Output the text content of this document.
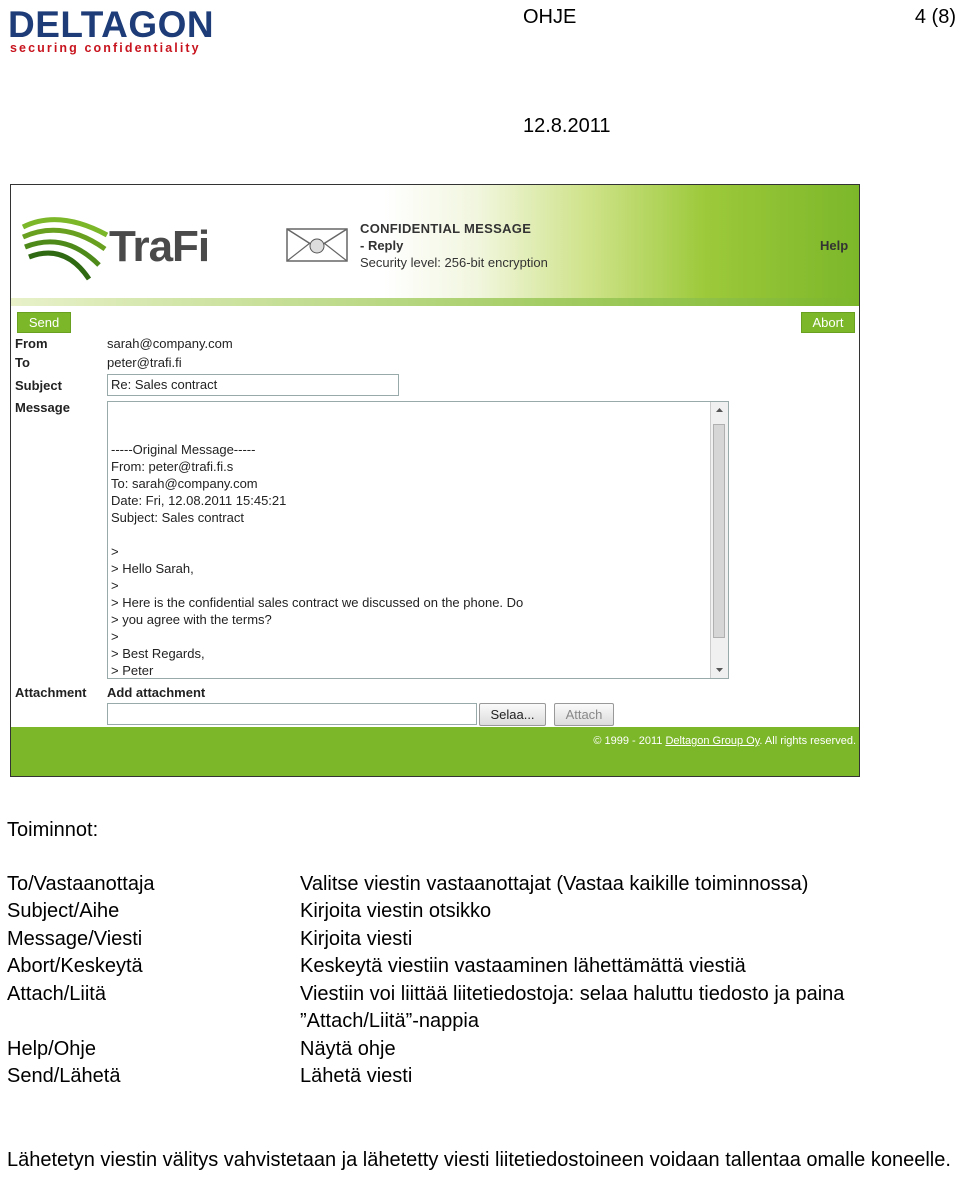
DELTAGON
securing confidentiality
OHJE	4 (8)
12.8.2011
TraFi	CONFIDENTIAL MESSAGE
- Reply
Security level: 256-bit encryption
Help
Send	Abort
From	sarah@company.com
To	peter@trafi.fi
Subject	Re: Sales contract
Message
-----Original Message-----
From: peter@trafi.fi.s
To: sarah@company.com
Date: Fri, 12.08.2011 15:45:21
Subject: Sales contract

>
> Hello Sarah,
>
> Here is the confidential sales contract we discussed on the phone. Do
> you agree with the terms?
>
> Best Regards,
> Peter
Attachment Add attachment
Selaa...	Attach
© 1999 - 2011 Deltagon Group Oy. All rights reserved.
Toiminnot:
To/Vastaanottaja	Valitse viestin vastaanottajat (Vastaa kaikille toiminnossa)
Subject/Aihe	Kirjoita viestin otsikko
Message/Viesti	Kirjoita viesti
Abort/Keskeytä	Keskeytä viestiin vastaaminen lähettämättä viestiä
Attach/Liitä	Viestiin voi liittää liitetiedostoja: selaa haluttu tiedosto ja paina
”Attach/Liitä”-nappia
Help/Ohje	Näytä ohje
Send/Lähetä	Lähetä viesti
Lähetetyn viestin välitys vahvistetaan ja lähetetty viesti liitetiedostoineen voidaan tallentaa omalle koneelle.
